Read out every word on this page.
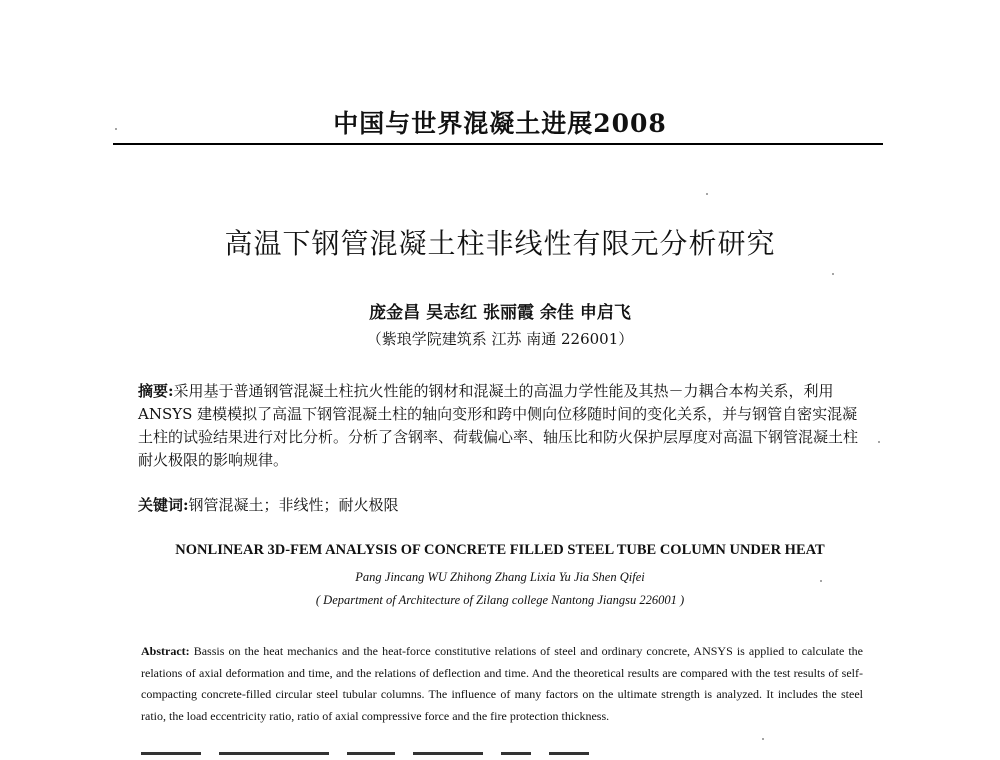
中国与世界混凝土进展2008
高温下钢管混凝土柱非线性有限元分析研究
庞金昌 吴志红 张丽霞 余佳 申启飞
（紫琅学院建筑系 江苏 南通 226001）
摘要:采用基于普通钢管混凝土柱抗火性能的钢材和混凝土的高温力学性能及其热－力耦合本构关系，利用 ANSYS 建模模拟了高温下钢管混凝土柱的轴向变形和跨中侧向位移随时间的变化关系，并与钢管自密实混凝土柱的试验结果进行对比分析。分析了含钢率、荷载偏心率、轴压比和防火保护层厚度对高温下钢管混凝土柱耐火极限的影响规律。
关键词:钢管混凝土；非线性；耐火极限
NONLINEAR 3D-FEM ANALYSIS OF CONCRETE FILLED STEEL TUBE COLUMN UNDER HEAT
Pang Jincang WU Zhihong Zhang Lixia Yu Jia Shen Qifei
( Department of Architecture of Zilang college Nantong Jiangsu 226001 )
Abstract: Bassis on the heat mechanics and the heat-force constitutive relations of steel and ordinary concrete, ANSYS is applied to calculate the relations of axial deformation and time, and the relations of deflection and time. And the theoretical results are compared with the test results of self-compacting concrete-filled circular steel tubular columns. The influence of many factors on the ultimate strength is analyzed. It includes the steel ratio, the load eccentricity ratio, ratio of axial compressive force and the fire protection thickness.
